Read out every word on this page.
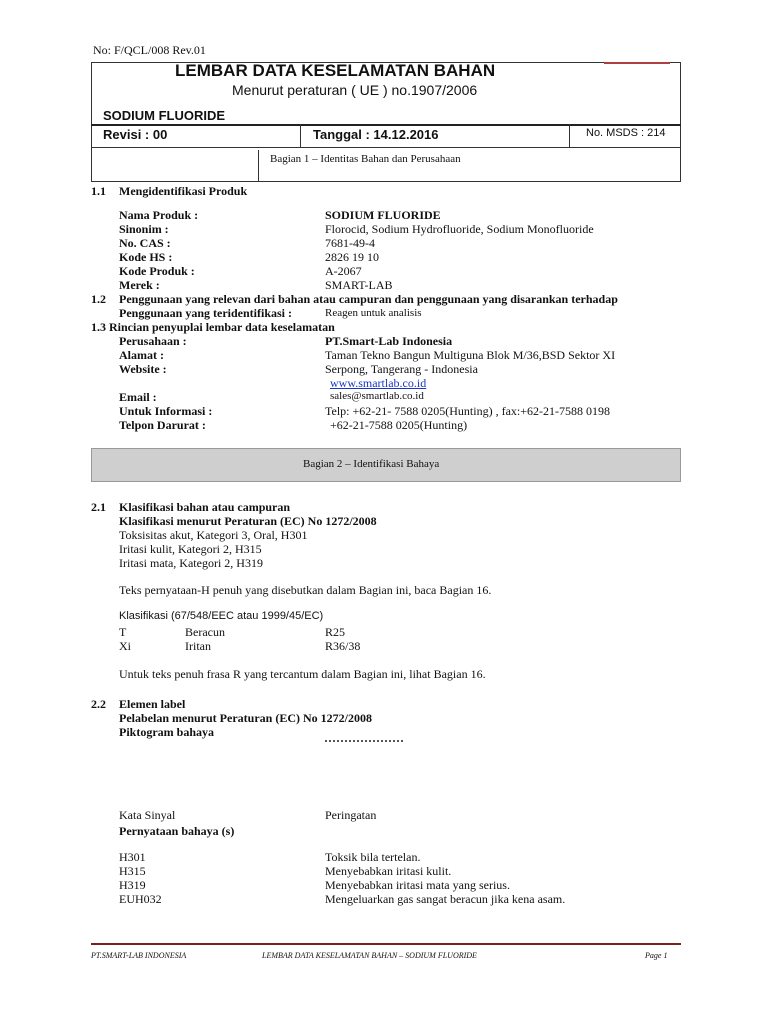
No: F/QCL/008 Rev.01
LEMBAR DATA KESELAMATAN BAHAN
Menurut peraturan ( UE ) no.1907/2006
SODIUM FLUORIDE
Revisi : 00	Tanggal : 14.12.2016	No. MSDS : 214
Bagian 1 – Identitas Bahan dan Perusahaan
1.1 Mengidentifikasi Produk
Nama Produk :	SODIUM FLUORIDE
Sinonim :	Florocid, Sodium Hydrofluoride, Sodium Monofluoride
No. CAS :	7681-49-4
Kode HS :	2826 19 10
Kode Produk :	A-2067
Merek :	SMART-LAB
1.2 Penggunaan yang relevan dari bahan atau campuran dan penggunaan yang disarankan terhadap
Penggunaan yang teridentifikasi :	Reagen untuk analisis
1.3 Rincian penyuplai lembar data keselamatan
Perusahaan :	PT.Smart-Lab Indonesia
Alamat :	Taman Tekno Bangun Multiguna Blok M/36,BSD Sektor XI
Website :	Serpong, Tangerang - Indonesia
www.smartlab.co.id
Email :	sales@smartlab.co.id
Untuk Informasi :	Telp: +62-21- 7588 0205(Hunting) , fax:+62-21-7588 0198
Telpon Darurat :	+62-21-7588 0205(Hunting)
Bagian 2 – Identifikasi Bahaya
2.1 Klasifikasi bahan atau campuran
Klasifikasi menurut Peraturan (EC) No 1272/2008
Toksisitas akut, Kategori 3, Oral, H301
Iritasi kulit, Kategori 2, H315
Iritasi mata, Kategori 2, H319
Teks pernyataan-H penuh yang disebutkan dalam Bagian ini, baca Bagian 16.
Klasifikasi (67/548/EEC atau 1999/45/EC)
T	Beracun	R25
Xi	Iritan	R36/38
Untuk teks penuh frasa R yang tercantum dalam Bagian ini, lihat Bagian 16.
2.2 Elemen label
Pelabelan menurut Peraturan (EC) No 1272/2008
Piktogram bahaya
Kata Sinyal	Peringatan
Pernyataan bahaya (s)
H301	Toksik bila tertelan.
H315	Menyebabkan iritasi kulit.
H319	Menyebabkan iritasi mata yang serius.
EUH032	Mengeluarkan gas sangat beracun jika kena asam.
PT.SMART-LAB INDONESIA	LEMBAR DATA KESELAMATAN BAHAN – SODIUM FLUORIDE	Page 1
